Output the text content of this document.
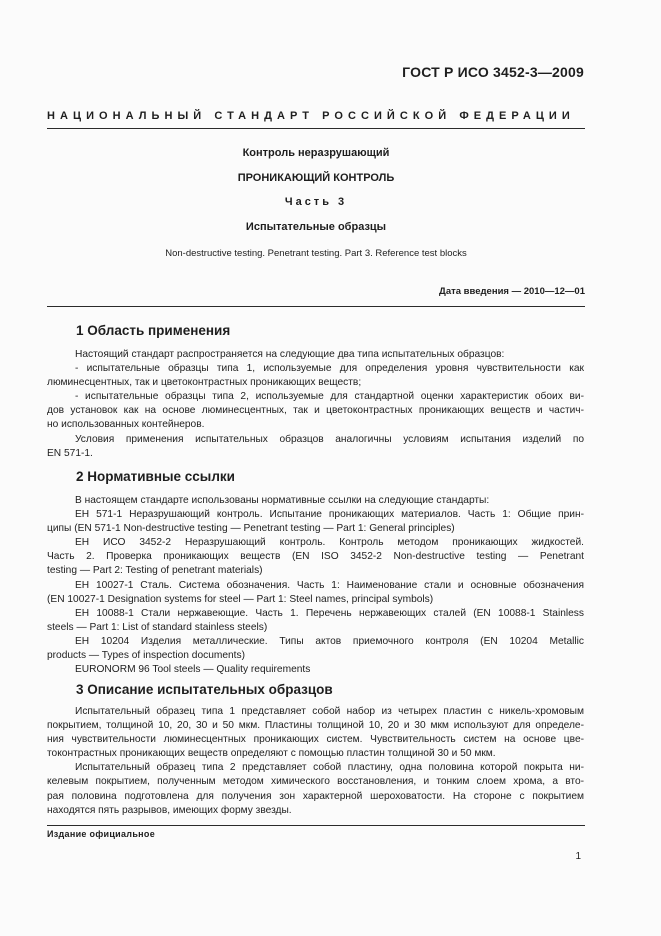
ГОСТ Р ИСО 3452-3—2009
НАЦИОНАЛЬНЫЙ СТАНДАРТ РОССИЙСКОЙ ФЕДЕРАЦИИ
Контроль неразрушающий
ПРОНИКАЮЩИЙ КОНТРОЛЬ
Часть 3
Испытательные образцы
Non-destructive testing. Penetrant testing. Part 3. Reference test blocks
Дата введения — 2010—12—01
1 Область применения
Настоящий стандарт распространяется на следующие два типа испытательных образцов:
- испытательные образцы типа 1, используемые для определения уровня чувствительности как
люминесцентных, так и цветоконтрастных проникающих веществ;
- испытательные образцы типа 2, используемые для стандартной оценки характеристик обоих ви-
дов установок как на основе люминесцентных, так и цветоконтрастных проникающих веществ и частич-
но использованных контейнеров.
Условия применения испытательных образцов аналогичны условиям испытания изделий по
EN 571-1.
2 Нормативные ссылки
В настоящем стандарте использованы нормативные ссылки на следующие стандарты:
ЕН 571-1 Неразрушающий контроль. Испытание проникающих материалов. Часть 1: Общие прин-
ципы (EN 571-1 Non-destructive testing — Penetrant testing — Part 1: General principles)
ЕН ИСО 3452-2 Неразрушающий контроль. Контроль методом проникающих жидкостей.
Часть 2. Проверка проникающих веществ (EN ISO 3452-2 Non-destructive testing — Penetrant
testing — Part 2: Testing of penetrant materials)
ЕН 10027-1 Сталь. Система обозначения. Часть 1: Наименование стали и основные обозначения
(EN 10027-1 Designation systems for steel — Part 1: Steel names, principal symbols)
ЕН 10088-1 Стали нержавеющие. Часть 1. Перечень нержавеющих сталей (EN 10088-1 Stainless
steels — Part 1: List of standard stainless steels)
ЕН 10204 Изделия металлические. Типы актов приемочного контроля (EN 10204 Metallic
products — Types of inspection documents)
EURONORM 96 Tool steels — Quality requirements
3 Описание испытательных образцов
Испытательный образец типа 1 представляет собой набор из четырех пластин с никель-хромовым
покрытием, толщиной 10, 20, 30 и 50 мкм. Пластины толщиной 10, 20 и 30 мкм используют для определе-
ния чувствительности люминесцентных проникающих систем. Чувствительность систем на основе цве-
токонтрастных проникающих веществ определяют с помощью пластин толщиной 30 и 50 мкм.
Испытательный образец типа 2 представляет собой пластину, одна половина которой покрыта ни-
келевым покрытием, полученным методом химического восстановления, и тонким слоем хрома, а вто-
рая половина подготовлена для получения зон характерной шероховатости. На стороне с покрытием
находятся пять разрывов, имеющих форму звезды.
Издание официальное
1
